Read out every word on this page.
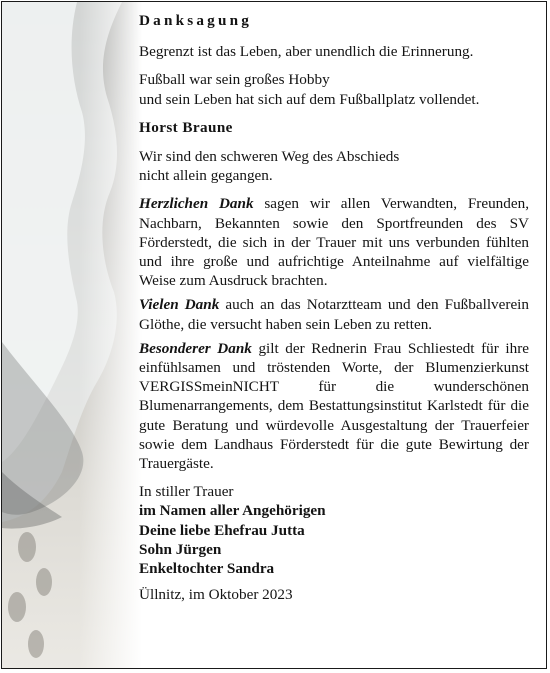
Danksagung

Begrenzt ist das Leben, aber unendlich die Erinnerung.

Fußball war sein großes Hobby
und sein Leben hat sich auf dem Fußballplatz vollendet.

Horst Braune

Wir sind den schweren Weg des Abschieds
nicht allein gegangen.

Herzlichen Dank sagen wir allen Verwandten, Freunden, Nachbarn, Bekannten sowie den Sportfreunden des SV Förderstedt, die sich in der Trauer mit uns verbunden fühlten und ihre große und aufrichtige Anteilnahme auf vielfältige Weise zum Ausdruck brachten.

Vielen Dank auch an das Notarztteam und den Fußballverein Glöthe, die versucht haben sein Leben zu retten.

Besonderer Dank gilt der Rednerin Frau Schliestedt für ihre einfühlsamen und tröstenden Worte, der Blumenzierkunst VERGISSmeinNICHT für die wunderschönen Blumenarrangements, dem Bestattungsinstitut Karlstedt für die gute Beratung und würdevolle Ausgestaltung der Trauerfeier sowie dem Landhaus Förderstedt für die gute Bewirtung der Trauergäste.

In stiller Trauer
im Namen aller Angehörigen
Deine liebe Ehefrau Jutta
Sohn Jürgen
Enkeltochter Sandra

Üllnitz, im Oktober 2023
